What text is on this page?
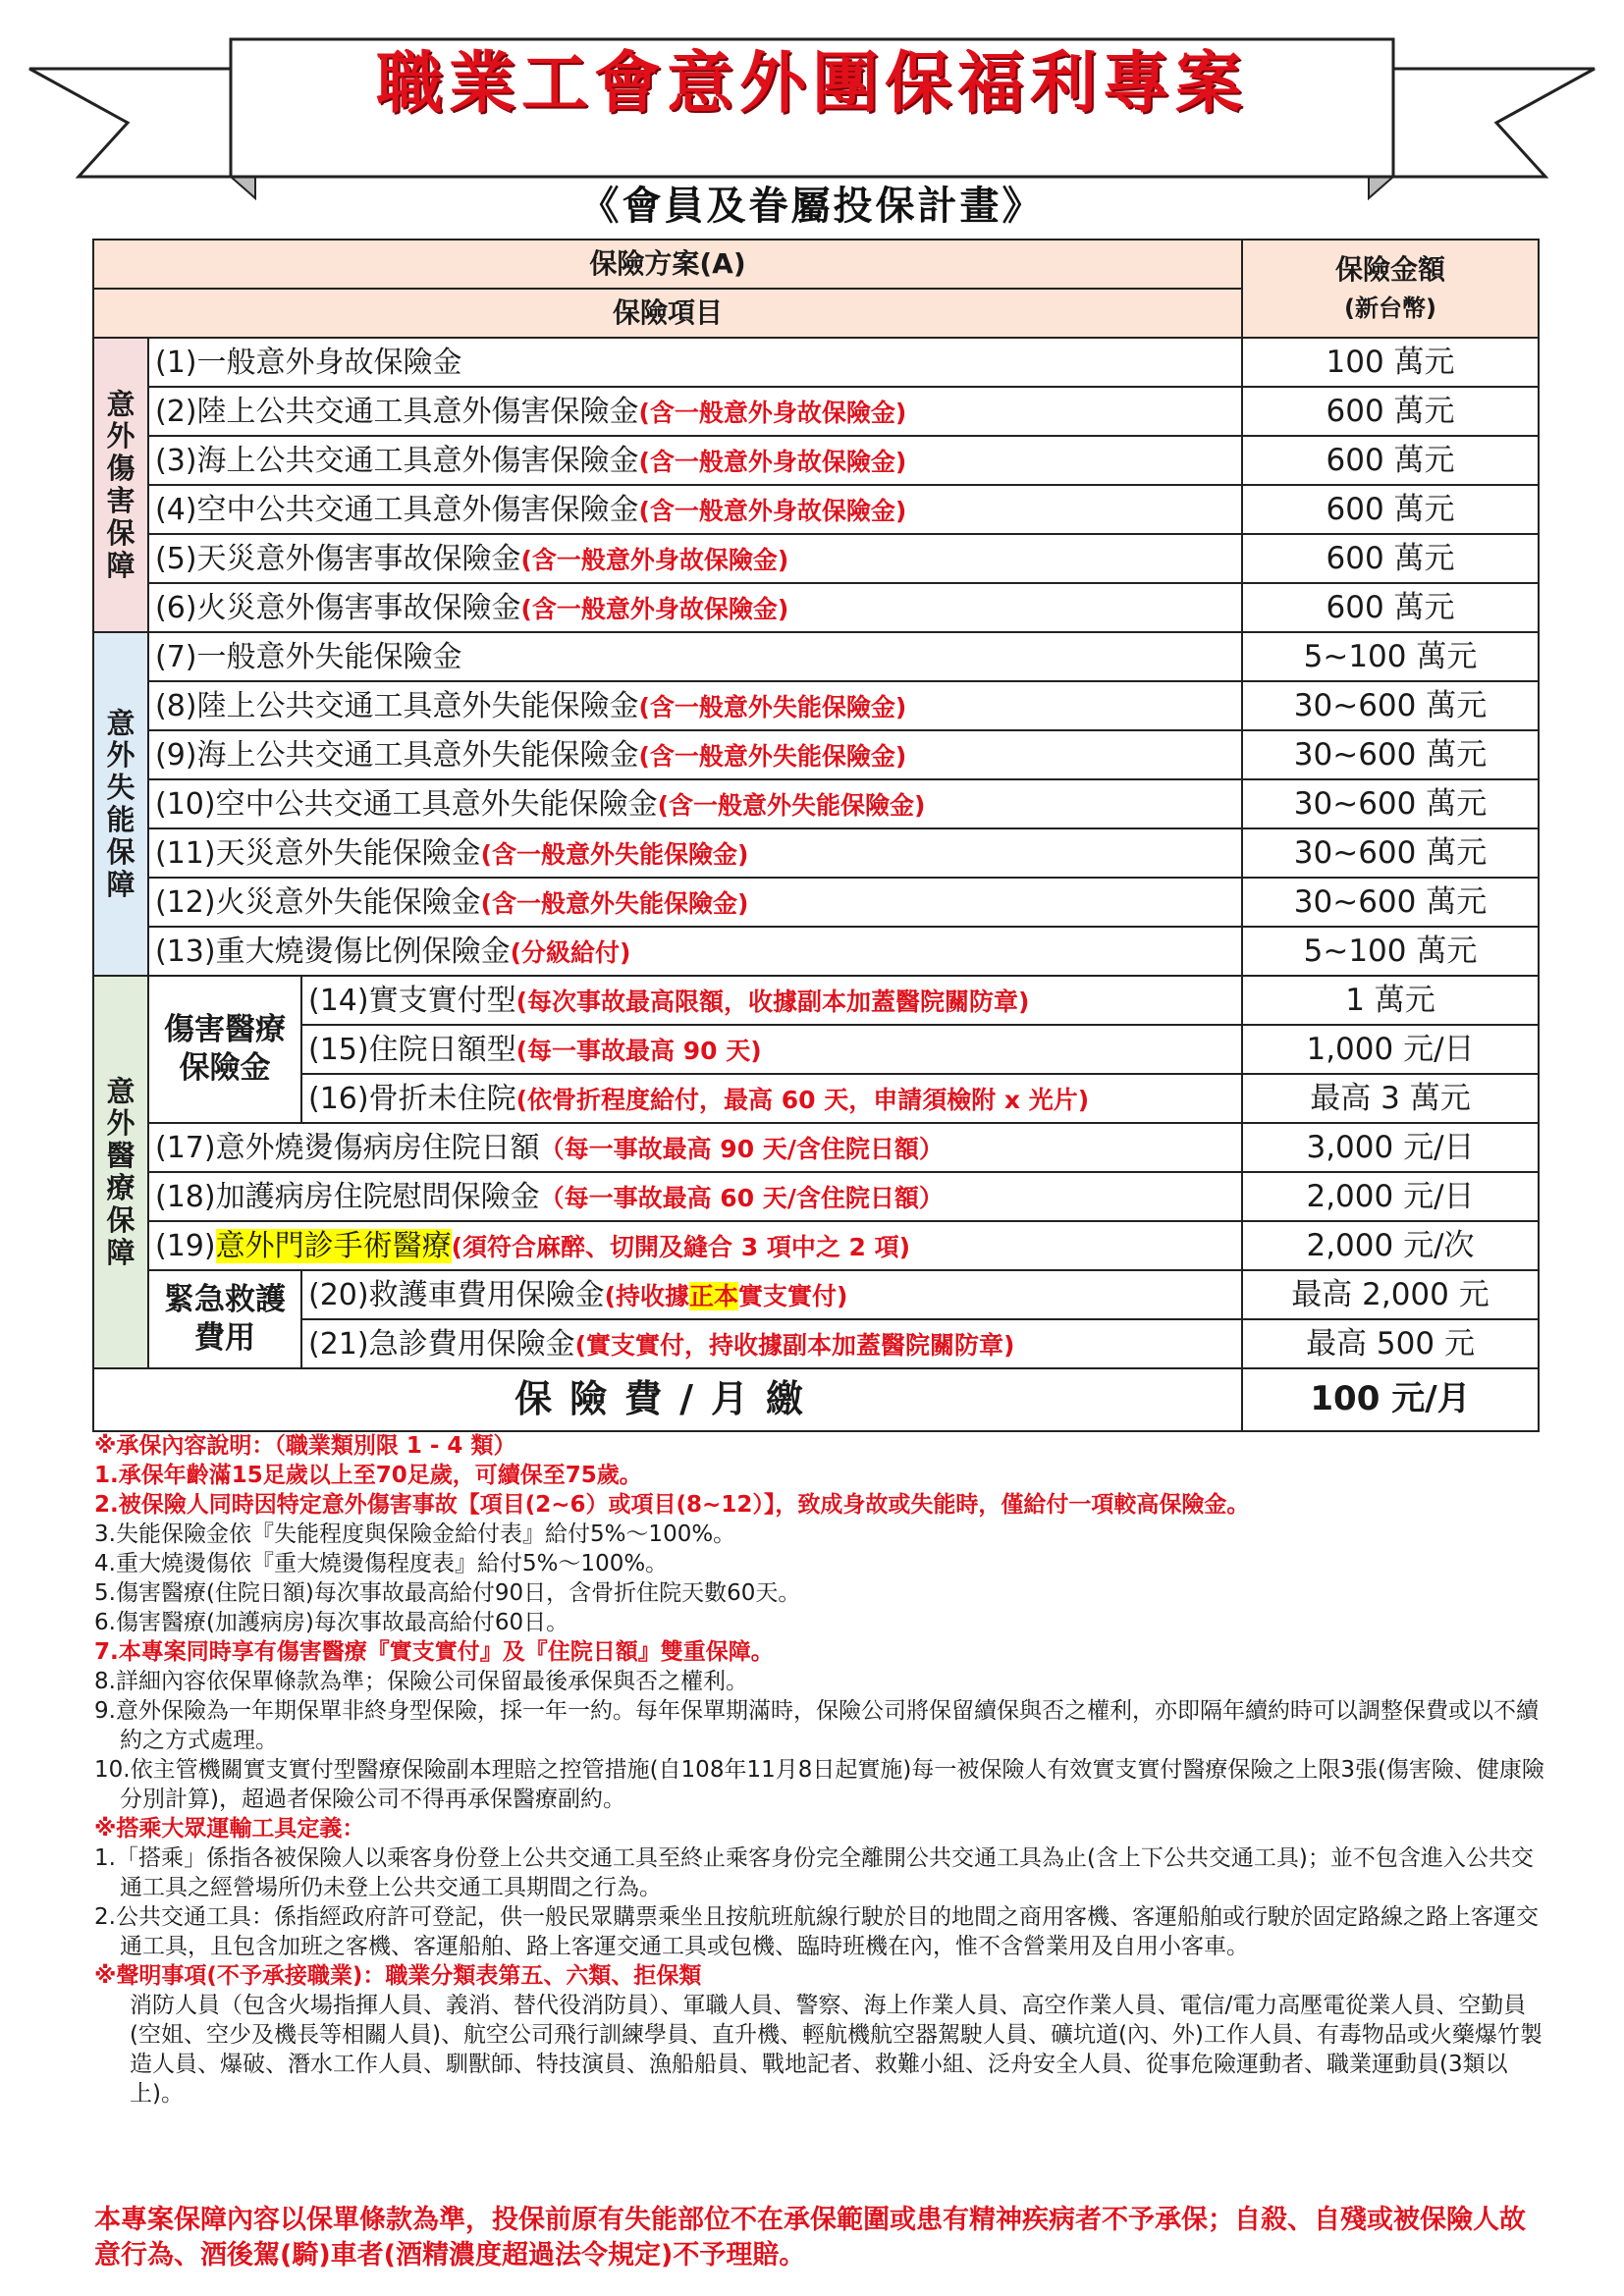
職業工會意外團保福利專案
《會員及眷屬投保計畫》
保險方案(A)			保險金額
(新台幣)
保險項目			
意外傷害保障	(1)一般意外身故保險金		100 萬元
	(2)陸上公共交通工具意外傷害保險金(含一般意外身故保險金)		600 萬元
	(3)海上公共交通工具意外傷害保險金(含一般意外身故保險金)		600 萬元
	(4)空中公共交通工具意外傷害保險金(含一般意外身故保險金)		600 萬元
	(5)天災意外傷害事故保險金(含一般意外身故保險金)		600 萬元
	(6)火災意外傷害事故保險金(含一般意外身故保險金)		600 萬元
意外失能保障	(7)一般意外失能保險金		5~100 萬元
	(8)陸上公共交通工具意外失能保險金(含一般意外失能保險金)		30~600 萬元
	(9)海上公共交通工具意外失能保險金(含一般意外失能保險金)		30~600 萬元
	(10)空中公共交通工具意外失能保險金(含一般意外失能保險金)		30~600 萬元
	(11)天災意外失能保險金(含一般意外失能保險金)		30~600 萬元
	(12)火災意外失能保險金(含一般意外失能保險金)		30~600 萬元
	(13)重大燒燙傷比例保險金(分級給付)		5~100 萬元
意外醫療保障	傷害醫療保險金	(14)實支實付型(每次事故最高限額，收據副本加蓋醫院關防章)	1 萬元
		(15)住院日額型(每一事故最高 90 天)	1,000 元/日
		(16)骨折未住院(依骨折程度給付，最高 60 天，申請須檢附 x 光片)	最高 3 萬元
	(17)意外燒燙傷病房住院日額（每一事故最高 90 天/含住院日額）		3,000 元/日
	(18)加護病房住院慰問保險金（每一事故最高 60 天/含住院日額）		2,000 元/日
	(19)意外門診手術醫療(須符合麻醉、切開及縫合 3 項中之 2 項)		2,000 元/次
	緊急救護費用	(20)救護車費用保險金(持收據正本實支實付)	最高 2,000 元
		(21)急診費用保險金(實支實付，持收據副本加蓋醫院關防章)	最高 500 元
保險費/月繳			100 元/月

※承保內容說明：（職業類別限 1 - 4 類）

1.承保年齡滿15足歲以上至70足歲，可續保至75歲。

2.被保險人同時因特定意外傷害事故【項目(2~6）或項目(8~12）】，致成身故或失能時，僅給付一項較高保險金。

3.失能保險金依『失能程度與保險金給付表』給付5%～100%。

4.重大燒燙傷依『重大燒燙傷程度表』給付5%～100%。

5.傷害醫療(住院日額)每次事故最高給付90日，含骨折住院天數60天。

6.傷害醫療(加護病房)每次事故最高給付60日。

7.本專案同時享有傷害醫療『實支實付』及『住院日額』雙重保障。

8.詳細內容依保單條款為準；保險公司保留最後承保與否之權利。

9.意外保險為一年期保單非終身型保險，採一年一約。每年保單期滿時，保險公司將保留續保與否之權利，亦即隔年續約時可以調整保費或以不續約之方式處理。

10.依主管機關實支實付型醫療保險副本理賠之控管措施(自108年11月8日起實施)每一被保險人有效實支實付醫療保險之上限3張(傷害險、健康險分別計算)，超過者保險公司不得再承保醫療副約。

※搭乘大眾運輸工具定義：

1.「搭乘」係指各被保險人以乘客身份登上公共交通工具至終止乘客身份完全離開公共交通工具為止(含上下公共交通工具)；並不包含進入公共交通工具之經營場所仍未登上公共交通工具期間之行為。

2.公共交通工具：係指經政府許可登記，供一般民眾購票乘坐且按航班航線行駛於目的地間之商用客機、客運船舶或行駛於固定路線之路上客運交通工具，且包含加班之客機、客運船舶、路上客運交通工具或包機、臨時班機在內，惟不含營業用及自用小客車。

※聲明事項(不予承接職業)：職業分類表第五、六類、拒保類

消防人員（包含火場指揮人員、義消、替代役消防員）、軍職人員、警察、海上作業人員、高空作業人員、電信/電力高壓電從業人員、空勤員(空姐、空少及機長等相關人員)、航空公司飛行訓練學員、直升機、輕航機航空器駕駛人員、礦坑道(內、外)工作人員、有毒物品或火藥爆竹製造人員、爆破、潛水工作人員、馴獸師、特技演員、漁船船員、戰地記者、救難小組、泛舟安全人員、從事危險運動者、職業運動員(3類以上)。

本專案保障內容以保單條款為準，投保前原有失能部位不在承保範圍或患有精神疾病者不予承保；自殺、自殘或被保險人故意行為、酒後駕(騎)車者(酒精濃度超過法令規定)不予理賠。
